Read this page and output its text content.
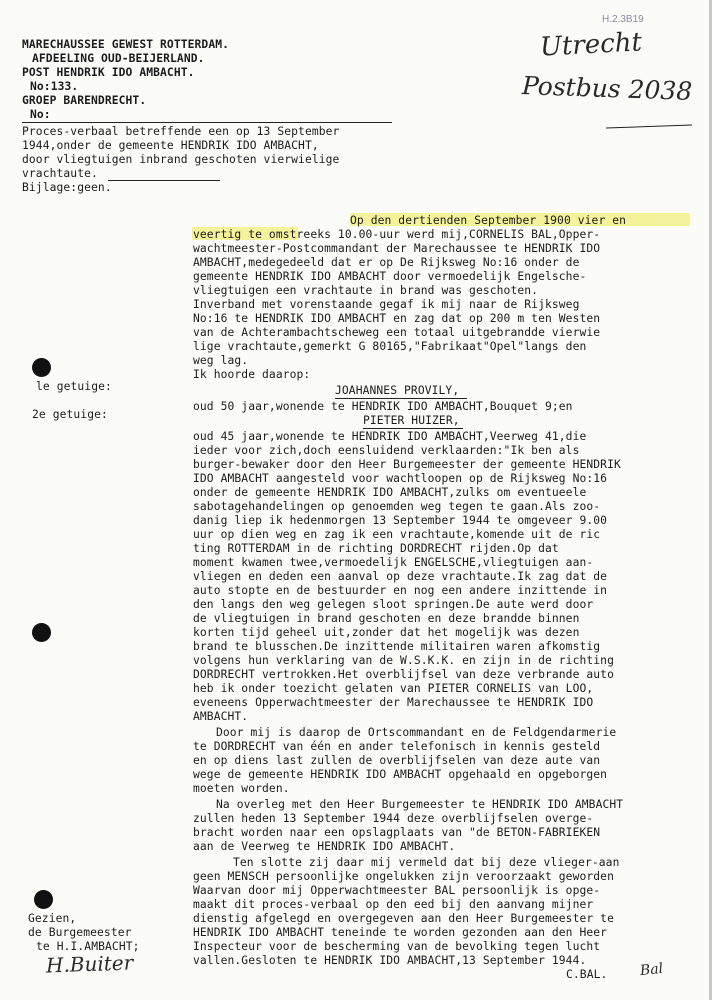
H.2.3B19
Utrecht
Postbus 2038
MARECHAUSSEE GEWEST ROTTERDAM.
AFDEELING OUD-BEIJERLAND.
POST HENDRIK IDO AMBACHT.
No:133.
GROEP BARENDRECHT.
No:
Proces-verbaal betreffende een op 13 September
1944,onder de gemeente HENDRIK IDO AMBACHT,
door vliegtuigen inbrand geschoten vierwielige
vrachtaute.
Bijlage:geen.
le getuige:
2e getuige:
Gezien,
de Burgemeester
te H.I.AMBACHT;
Op den dertienden September 1900 vier en
veertig te omstreeks 10.00-uur werd mij,CORNELIS BAL,Opper-
wachtmeester-Postcommandant der Marechaussee te HENDRIK IDO
AMBACHT,medegedeeld dat er op De Rijksweg No:16 onder de
gemeente HENDRIK IDO AMBACHT door vermoedelijk Engelsche-
vliegtuigen een vrachtaute in brand was geschoten.
Inverband met vorenstaande gegaf ik mij naar de Rijksweg
No:16 te HENDRIK IDO AMBACHT en zag dat op 200 m ten Westen
van de Achterambachtscheweg een totaal uitgebrandde vierwie
lige vrachtaute,gemerkt G 80165,"Fabrikaat"Opel"langs den
weg lag.
Ik hoorde daarop:
JOAHANNES PROVILY,
oud 50 jaar,wonende te HENDRIK IDO AMBACHT,Bouquet 9;en
PIETER HUIZER,
oud 45 jaar,wonende te HENDRIK IDO AMBACHT,Veerweg 41,die
ieder voor zich,doch eensluidend verklaarden:"Ik ben als
burger-bewaker door den Heer Burgemeester der gemeente HENDRIK
IDO AMBACHT aangesteld voor wachtloopen op de Rijksweg No:16
onder de gemeente HENDRIK IDO AMBACHT,zulks om eventueele
sabotagehandelingen op genoemden weg tegen te gaan.Als zoo-
danig liep ik hedenmorgen 13 September 1944 te omgeveer 9.00
uur op dien weg en zag ik een vrachtaute,komende uit de ric
ting ROTTERDAM in de richting DORDRECHT rijden.Op dat
moment kwamen twee,vermoedelijk ENGELSCHE,vliegtuigen aan-
vliegen en deden een aanval op deze vrachtaute.Ik zag dat de
auto stopte en de bestuurder en nog een andere inzittende in
den langs den weg gelegen sloot springen.De aute werd door
de vliegtuigen in brand geschoten en deze brandde binnen
korten tijd geheel uit,zonder dat het mogelijk was dezen
brand te blusschen.De inzittende militairen waren afkomstig
volgens hun verklaring van de W.S.K.K. en zijn in de richting
DORDRECHT vertrokken.Het overblijfsel van deze verbrande auto
heb ik onder toezicht gelaten van PIETER CORNELIS van LOO,
eveneens Opperwachtmeester der Marechaussee te HENDRIK IDO
AMBACHT.
Door mij is daarop de Ortscommandant en de Feldgendarmerie
te DORDRECHT van één en ander telefonisch in kennis gesteld
en op diens last zullen de overblijfselen van deze aute van
wege de gemeente HENDRIK IDO AMBACHT opgehaald en opgeborgen
moeten worden.
Na overleg met den Heer Burgemeester te HENDRIK IDO AMBACHT
zullen heden 13 September 1944 deze overblijfselen overge-
bracht worden naar een opslagplaats van "de BETON-FABRIEKEN
aan de Veerweg te HENDRIK IDO AMBACHT.
Ten slotte zij daar mij vermeld dat bij deze vlieger-aan
geen MENSCH persoonlijke ongelukken zijn veroorzaakt geworden
Waarvan door mij Opperwachtmeester BAL persoonlijk is opge-
maakt dit proces-verbaal op den eed bij den aanvang mijner
dienstig afgelegd en overgegeven aan den Heer Burgemeester te
HENDRIK IDO AMBACHT teneinde te worden gezonden aan den Heer
Inspecteur voor de bescherming van de bevolking tegen lucht
vallen.Gesloten te HENDRIK IDO AMBACHT,13 September 1944.
C.BAL.
H.Buiter	Bal
